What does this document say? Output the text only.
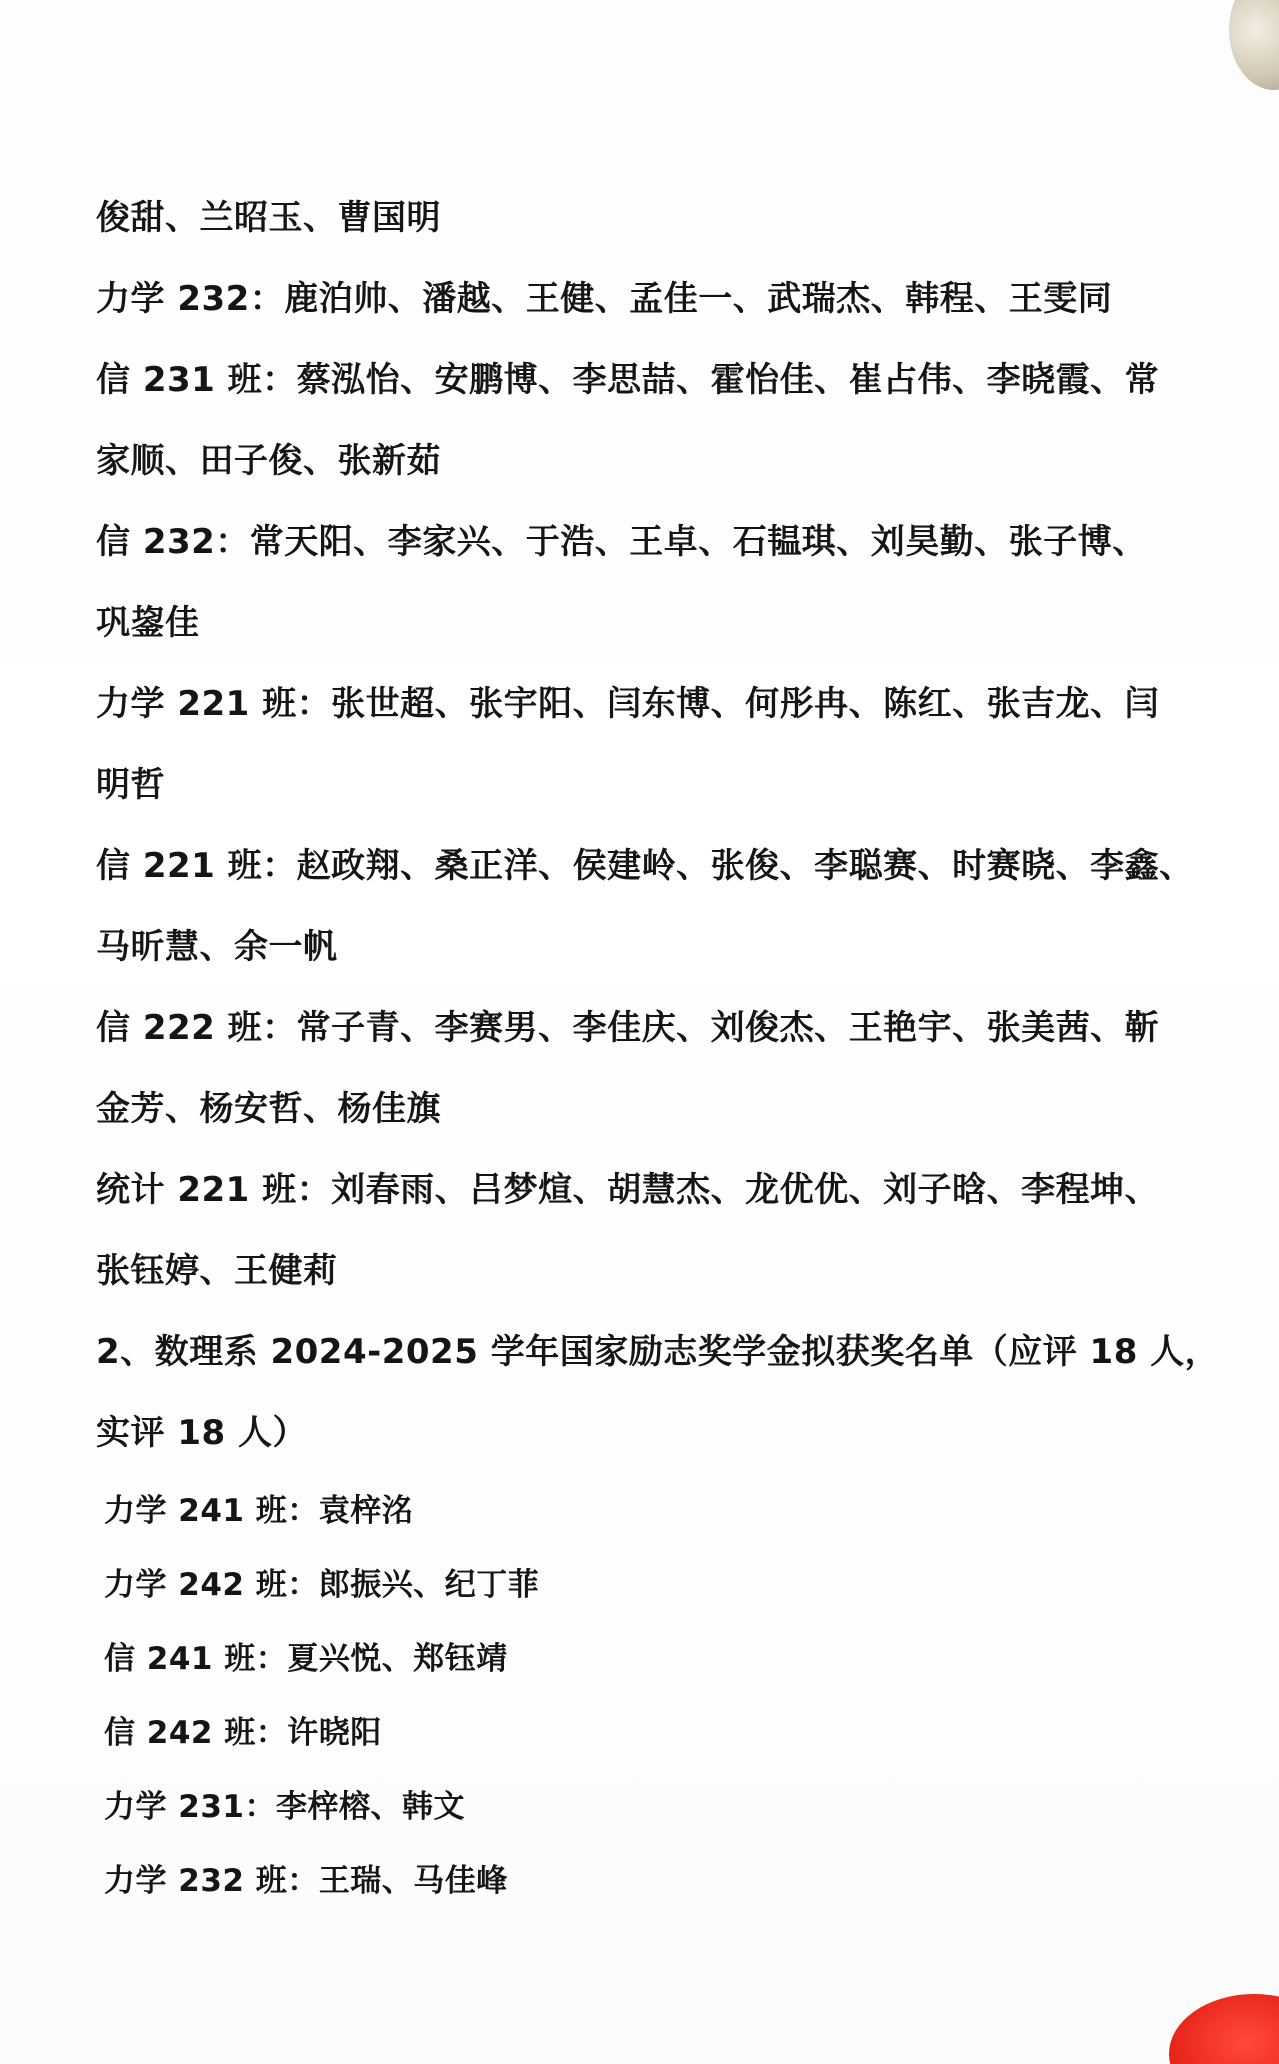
俊甜、兰昭玉、曹国明

力学 232：鹿泊帅、潘越、王健、孟佳一、武瑞杰、韩程、王雯同

信 231 班：蔡泓怡、安鹏博、李思喆、霍怡佳、崔占伟、李晓霞、常

家顺、田子俊、张新茹

信 232：常天阳、李家兴、于浩、王卓、石韫琪、刘昊勤、张子博、

巩鋆佳

力学 221 班：张世超、张宇阳、闫东博、何彤冉、陈红、张吉龙、闫

明哲

信 221 班：赵政翔、桑正洋、侯建岭、张俊、李聪赛、时赛晓、李鑫、

马昕慧、余一帆

信 222 班：常子青、李赛男、李佳庆、刘俊杰、王艳宇、张美茜、靳

金芳、杨安哲、杨佳旗

统计 221 班：刘春雨、吕梦煊、胡慧杰、龙优优、刘子晗、李程坤、

张钰婷、王健莉

2、数理系 2024-2025 学年国家励志奖学金拟获奖名单（应评 18 人，

实评 18 人）

力学 241 班：袁梓洺

力学 242 班：郎振兴、纪丁菲

信 241 班：夏兴悦、郑钰靖

信 242 班：许晓阳

力学 231：李梓榕、韩文

力学 232 班：王瑞、马佳峰
